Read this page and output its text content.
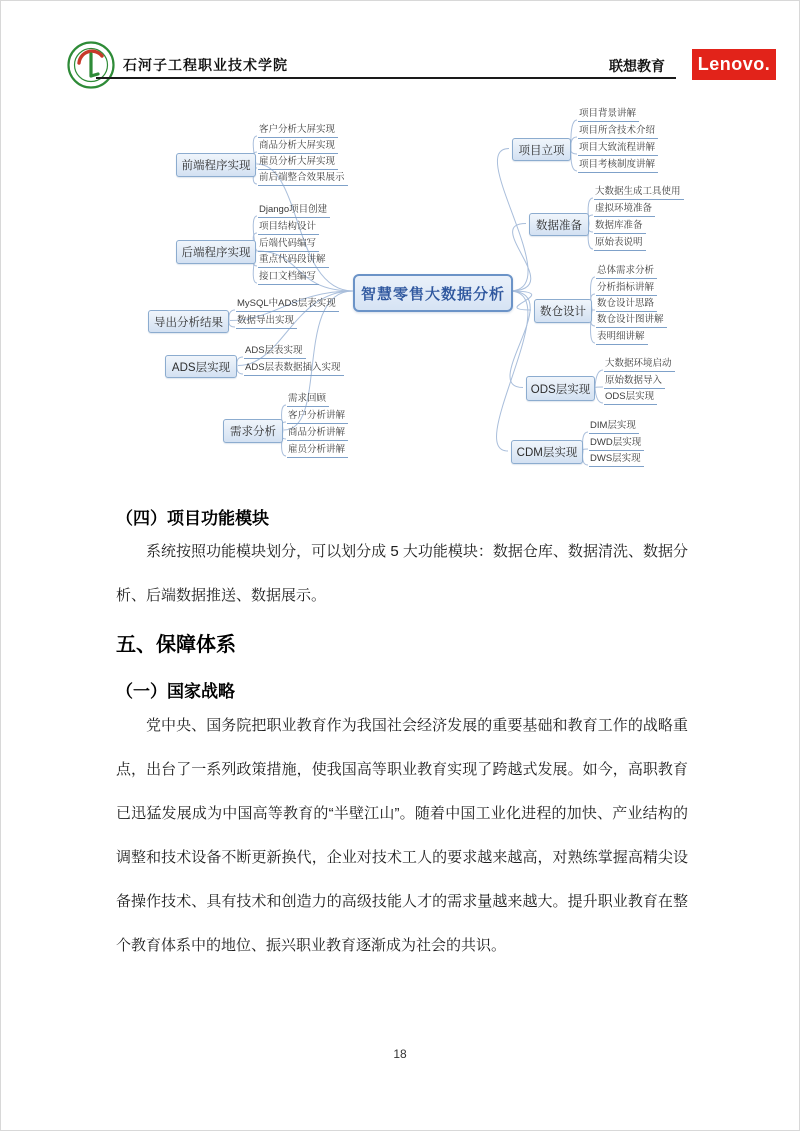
石河子工程职业技术学院	联想教育	Lenovo.
智慧零售大数据分析
前端程序实现
客户分析大屏实现
商品分析大屏实现
雇员分析大屏实现
前后端整合效果展示
后端程序实现
Django项目创建
项目结构设计
后端代码编写
重点代码段讲解
接口文档编写
导出分析结果
MySQL中ADS层表实现
数据导出实现
ADS层实现
ADS层表实现
ADS层表数据插入实现
需求分析
需求回顾
客户分析讲解
商品分析讲解
雇员分析讲解
项目立项
项目背景讲解
项目所含技术介绍
项目大致流程讲解
项目考核制度讲解
数据准备
大数据生成工具使用
虚拟环境准备
数据库准备
原始表说明
数仓设计
总体需求分析
分析指标讲解
数仓设计思路
数仓设计图讲解
表明细讲解
ODS层实现
大数据环境启动
原始数据导入
ODS层实现
CDM层实现
DIM层实现
DWD层实现
DWS层实现
（四）项目功能模块
系统按照功能模块划分，可以划分成 5 大功能模块：数据仓库、数据清洗、数据分析、后端数据推送、数据展示。
五、保障体系
（一）国家战略
党中央、国务院把职业教育作为我国社会经济发展的重要基础和教育工作的战略重点，出台了一系列政策措施，使我国高等职业教育实现了跨越式发展。如今，高职教育已迅猛发展成为中国高等教育的“半壁江山”。随着中国工业化进程的加快、产业结构的调整和技术设备不断更新换代，企业对技术工人的要求越来越高，对熟练掌握高精尖设备操作技术、具有技术和创造力的高级技能人才的需求量越来越大。提升职业教育在整个教育体系中的地位、振兴职业教育逐渐成为社会的共识。
18
